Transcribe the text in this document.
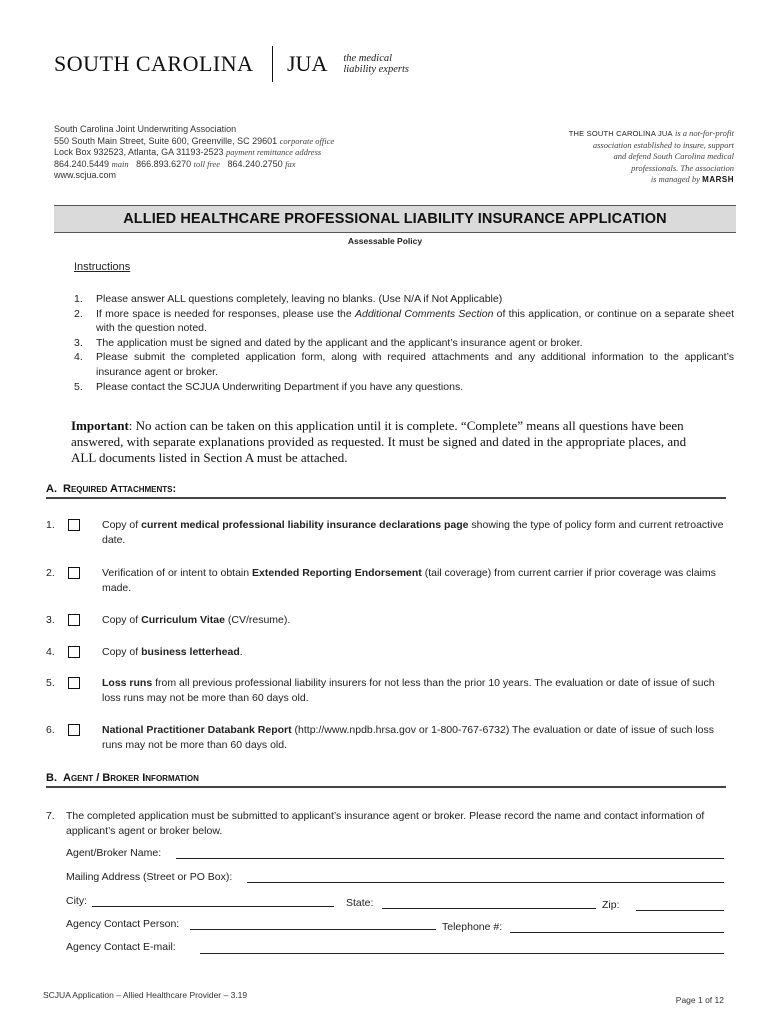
SOUTH CAROLINA JUA the medical
liability experts
South Carolina Joint Underwriting Association
550 South Main Street, Suite 600, Greenville, SC 29601 corporate office
Lock Box 932523, Atlanta, GA 31193-2523 payment remittance address
864.240.5449 main 866.893.6270 toll free 864.240.2750 fax
www.scjua.com
THE SOUTH CAROLINA JUA is a not-for-profit
association established to insure, support
and defend South Carolina medical
professionals. The association
is managed by MARSH
ALLIED HEALTHCARE PROFESSIONAL LIABILITY INSURANCE APPLICATION
Assessable Policy
Instructions
1.	Please answer ALL questions completely, leaving no blanks. (Use N/A if Not Applicable)
2.	If more space is needed for responses, please use the Additional Comments Section of this application, or continue on a separate sheet with the question noted.
3.	The application must be signed and dated by the applicant and the applicant’s insurance agent or broker.
4.	Please submit the completed application form, along with required attachments and any additional information to the applicant’s insurance agent or broker.
5.	Please contact the SCJUA Underwriting Department if you have any questions.
Important: No action can be taken on this application until it is complete. “Complete” means all questions have been answered, with separate explanations provided as requested. It must be signed and dated in the appropriate places, and ALL documents listed in Section A must be attached.
A. Required Attachments:
1.	Copy of current medical professional liability insurance declarations page showing the type of policy form and current retroactive date.
2.	Verification of or intent to obtain Extended Reporting Endorsement (tail coverage) from current carrier if prior coverage was claims made.
3.	Copy of Curriculum Vitae (CV/resume).
4.	Copy of business letterhead.
5.	Loss runs from all previous professional liability insurers for not less than the prior 10 years. The evaluation or date of issue of such loss runs may not be more than 60 days old.
6.	National Practitioner Databank Report (http://www.npdb.hrsa.gov or 1-800-767-6732) The evaluation or date of issue of such loss runs may not be more than 60 days old.
B. Agent / Broker Information
7. The completed application must be submitted to applicant’s insurance agent or broker. Please record the name and contact information of applicant’s agent or broker below.
Agent/Broker Name:
Mailing Address (Street or PO Box):
City:	State:	Zip:
Agency Contact Person:	Telephone #:
Agency Contact E-mail:
SCJUA Application – Allied Healthcare Provider – 3.19	Page 1 of 12
